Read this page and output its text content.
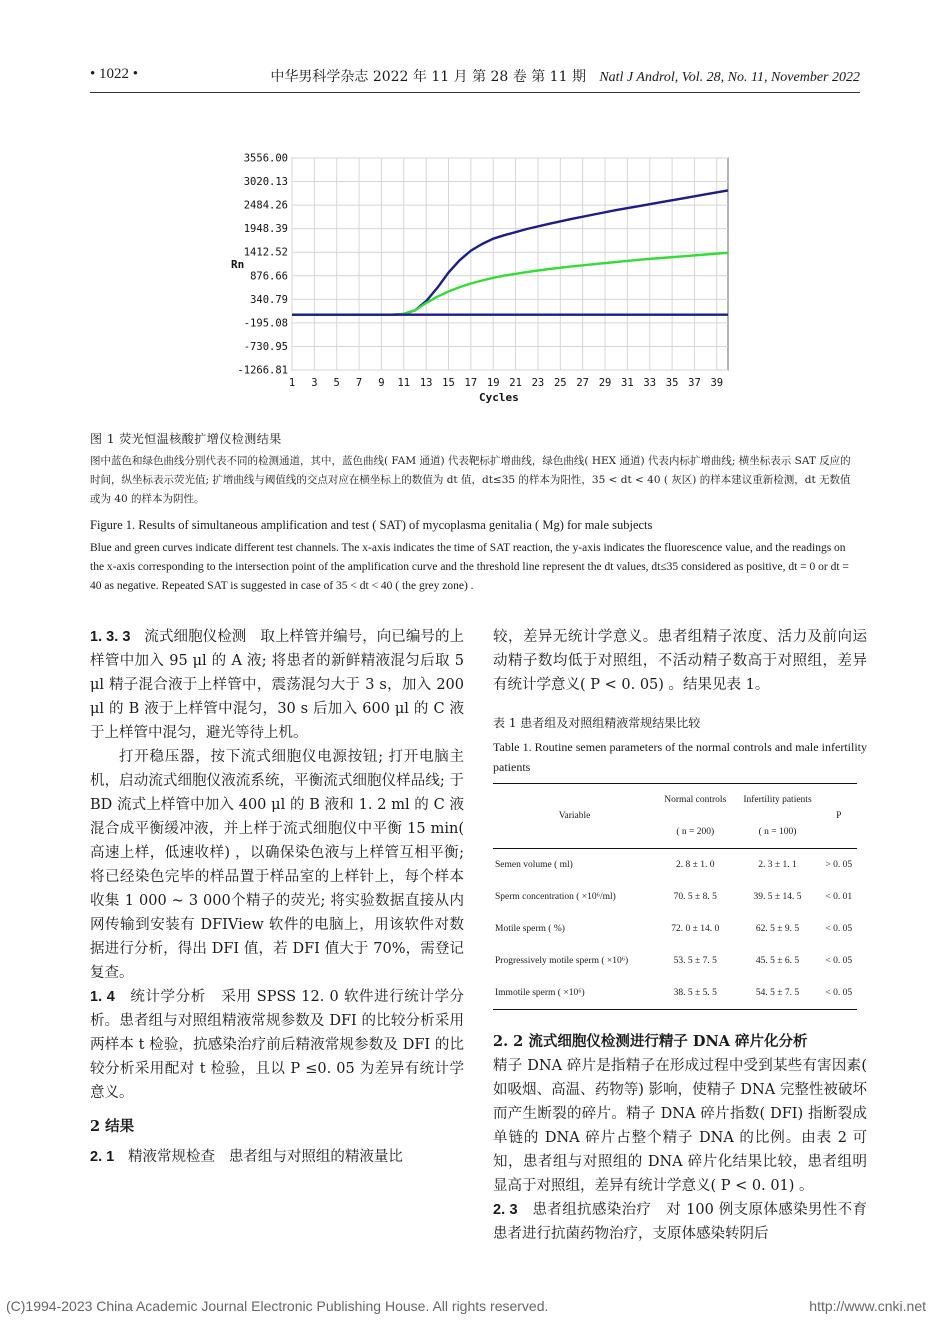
• 1022 •	中华男科学杂志 2022 年 11 月 第 28 卷 第 11 期 Natl J Androl, Vol. 28, No. 11, November 2022
3556.00
3020.13
2484.26
1948.39
1412.52
876.66
340.79
-195.08
-730.95
-1266.81
1 3 5 7 9 11 13 15 17 19 21 23 25 27 29 31 33 35 37 39
Rn
Cycles
图 1 荧光恒温核酸扩增仪检测结果
图中蓝色和绿色曲线分别代表不同的检测通道，其中，蓝色曲线( FAM 通道) 代表靶标扩增曲线，绿色曲线( HEX 通道) 代表内标扩增曲线; 横坐标表示 SAT 反应的时间，纵坐标表示荧光值; 扩增曲线与阈值线的交点对应在横坐标上的数值为 dt 值，dt≤35 的样本为阳性，35 < dt < 40 ( 灰区) 的样本建议重新检测，dt 无数值或为 40 的样本为阴性。
Figure 1. Results of simultaneous amplification and test ( SAT) of mycoplasma genitalia ( Mg) for male subjects
Blue and green curves indicate different test channels. The x-axis indicates the time of SAT reaction, the y-axis indicates the fluorescence value, and the readings on the x-axis corresponding to the intersection point of the amplification curve and the threshold line represent the dt values, dt≤35 considered as positive, dt = 0 or dt = 40 as negative. Repeated SAT is suggested in case of 35 < dt < 40 ( the grey zone) .

1. 3. 3 流式细胞仪检测 取上样管并编号，向已编号的上样管中加入 95 μl 的 A 液; 将患者的新鲜精液混匀后取 5 μl 精子混合液于上样管中，震荡混匀大于 3 s，加入 200 μl 的 B 液于上样管中混匀，30 s 后加入 600 μl 的 C 液于上样管中混匀，避光等待上机。

打开稳压器，按下流式细胞仪电源按钮; 打开电脑主机，启动流式细胞仪液流系统，平衡流式细胞仪样品线; 于 BD 流式上样管中加入 400 μl 的 B 液和 1. 2 ml 的 C 液混合成平衡缓冲液，并上样于流式细胞仪中平衡 15 min( 高速上样，低速收样) ，以确保染色液与上样管互相平衡; 将已经染色完毕的样品置于样品室的上样针上，每个样本收集 1 000 ~ 3 000个精子的荧光; 将实验数据直接从内网传输到安装有 DFIView 软件的电脑上，用该软件对数据进行分析，得出 DFI 值，若 DFI 值大于 70%，需登记复查。

1. 4 统计学分析 采用 SPSS 12. 0 软件进行统计学分析。患者组与对照组精液常规参数及 DFI 的比较分析采用两样本 t 检验，抗感染治疗前后精液常规参数及 DFI 的比较分析采用配对 t 检验，且以 P ≤0. 05 为差异有统计学意义。

2 结果

2. 1 精液常规检查 患者组与对照组的精液量比

较，差异无统计学意义。患者组精子浓度、活力及前向运动精子数均低于对照组，不活动精子数高于对照组，差异有统计学意义( P < 0. 05) 。结果见表 1。

表 1 患者组及对照组精液常规结果比较

Table 1. Routine semen parameters of the normal controls and male infertility patients

Variable	Normal controls	Infertility patients	P
	( n = 200)	( n = 100)	
Semen volume ( ml)	2. 8 ± 1. 0	2. 3 ± 1. 1	> 0. 05
Sperm concentration ( ×10⁶/ml)	70. 5 ± 8. 5	39. 5 ± 14. 5	< 0. 01
Motile sperm ( %)	72. 0 ± 14. 0	62. 5 ± 9. 5	< 0. 05
Progressively motile sperm ( ×10⁶)	53. 5 ± 7. 5	45. 5 ± 6. 5	< 0. 05
Immotile sperm ( ×10⁶)	38. 5 ± 5. 5	54. 5 ± 7. 5	< 0. 05

2. 2 流式细胞仪检测进行精子 DNA 碎片化分析

精子 DNA 碎片是指精子在形成过程中受到某些有害因素( 如吸烟、高温、药物等) 影响，使精子 DNA 完整性被破坏而产生断裂的碎片。精子 DNA 碎片指数( DFI) 指断裂成单链的 DNA 碎片占整个精子 DNA 的比例。由表 2 可知，患者组与对照组的 DNA 碎片化结果比较，患者组明显高于对照组，差异有统计学意义( P < 0. 01) 。

2. 3 患者组抗感染治疗 对 100 例支原体感染男性不育患者进行抗菌药物治疗，支原体感染转阴后

(C)1994-2023 China Academic Journal Electronic Publishing House. All rights reserved.	http://www.cnki.net
